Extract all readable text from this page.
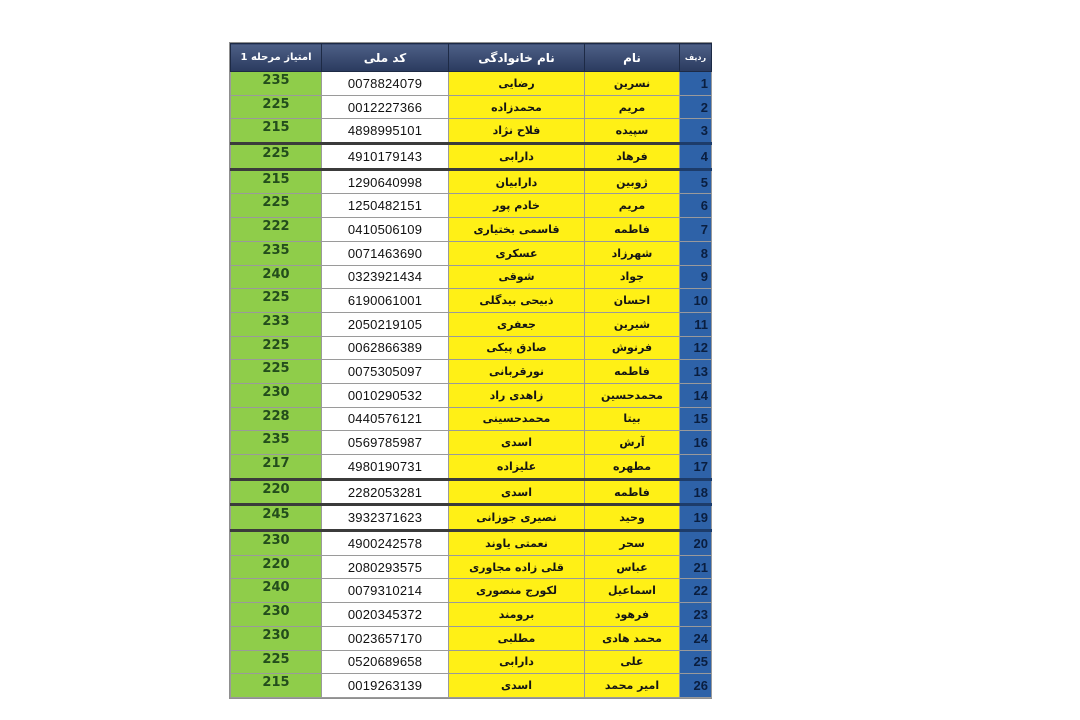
امتیاز مرحله 1	کد ملی	نام خانوادگی	نام	ردیف
235	0078824079	رضایی	نسرین	1
225	0012227366	محمدزاده	مریم	2
215	4898995101	فلاح نژاد	سپیده	3
225	4910179143	دارابی	فرهاد	4
215	1290640998	دارابیان	ژوبین	5
225	1250482151	خادم پور	مریم	6
222	0410506109	قاسمی بختیاری	فاطمه	7
235	0071463690	عسکری	شهرزاد	8
240	0323921434	شوقی	جواد	9
225	6190061001	ذبیحی بیدگلی	احسان	10
233	2050219105	جعفری	شیرین	11
225	0062866389	صادق پیکی	فرنوش	12
225	0075305097	نورقربانی	فاطمه	13
230	0010290532	زاهدی راد	محمدحسین	14
228	0440576121	محمدحسینی	بیتا	15
235	0569785987	اسدی	آرش	16
217	4980190731	علیزاده	مطهره	17
220	2282053281	اسدی	فاطمه	18
245	3932371623	نصیری جوزانی	وحید	19
230	4900242578	نعمتی یاوند	سحر	20
220	2080293575	قلی زاده مجاوری	عباس	21
240	0079310214	لکورج منصوری	اسماعیل	22
230	0020345372	برومند	فرهود	23
230	0023657170	مطلبی	محمد هادی	24
225	0520689658	دارابی	علی	25
215	0019263139	اسدی	امیر محمد	26
